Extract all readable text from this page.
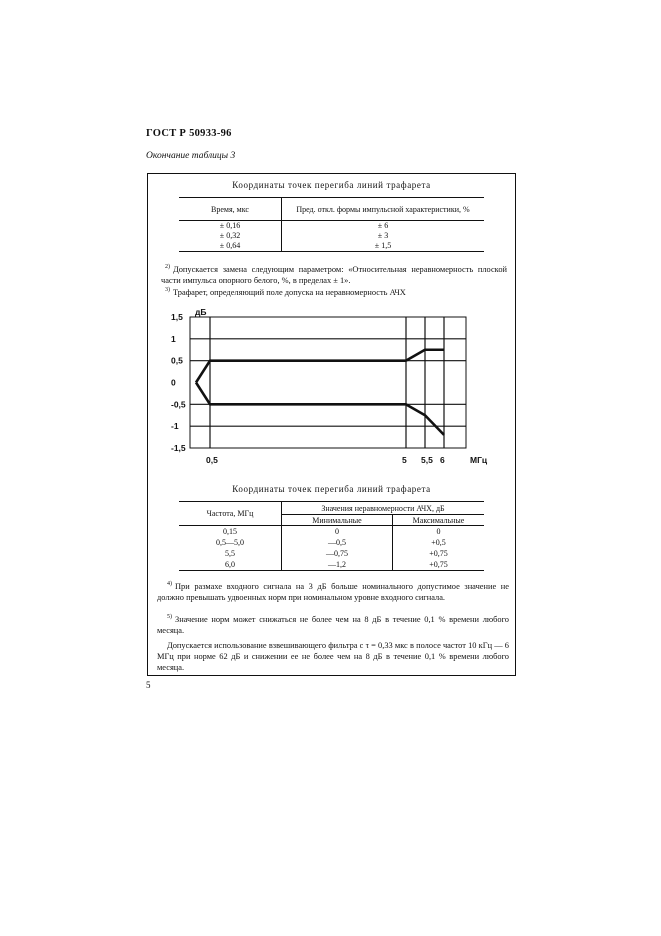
ГОСТ Р 50933-96
Окончание таблицы 3
Координаты точек перегиба линий трафарета
Время, мкс	Пред. откл. формы импульсной характеристики, %
± 0,16	± 6
± 0,32	± 3
± 0,64	± 1,5
$^{2)}$ Допускается замена следующим параметром: «Относительная неравномерность плоской части импульса опорного белого, %, в пределах ± 1».
$^{3)}$ Трафарет, определяющий поле допуска на неравномерность АЧХ
1,5
1
0,5
0
-0,5
-1
-1,5
дБ
0,5	5 5,5 6	МГц
Координаты точек перегиба линий трафарета
Частота, МГц	Значения неравномерности АЧХ, дБ	
	Минимальные	Максимальные
0,15	0	0
0,5—5,0	—0,5	+0,5
5,5	—0,75	+0,75
6,0	—1,2	+0,75
$^{4)}$ При размахе входного сигнала на 3 дБ больше номинального допустимое значение не должно превышать удвоенных норм при номинальном уровне входного сигнала.
$^{5)}$ Значение норм может снижаться не более чем на 8 дБ в течение 0,1 % времени любого месяца.
Допускается использование взвешивающего фильтра с τ = 0,33 мкс в полосе частот 10 кГц — 6 МГц при норме 62 дБ и снижении ее не более чем на 8 дБ в течение 0,1 % времени любого месяца.
5
